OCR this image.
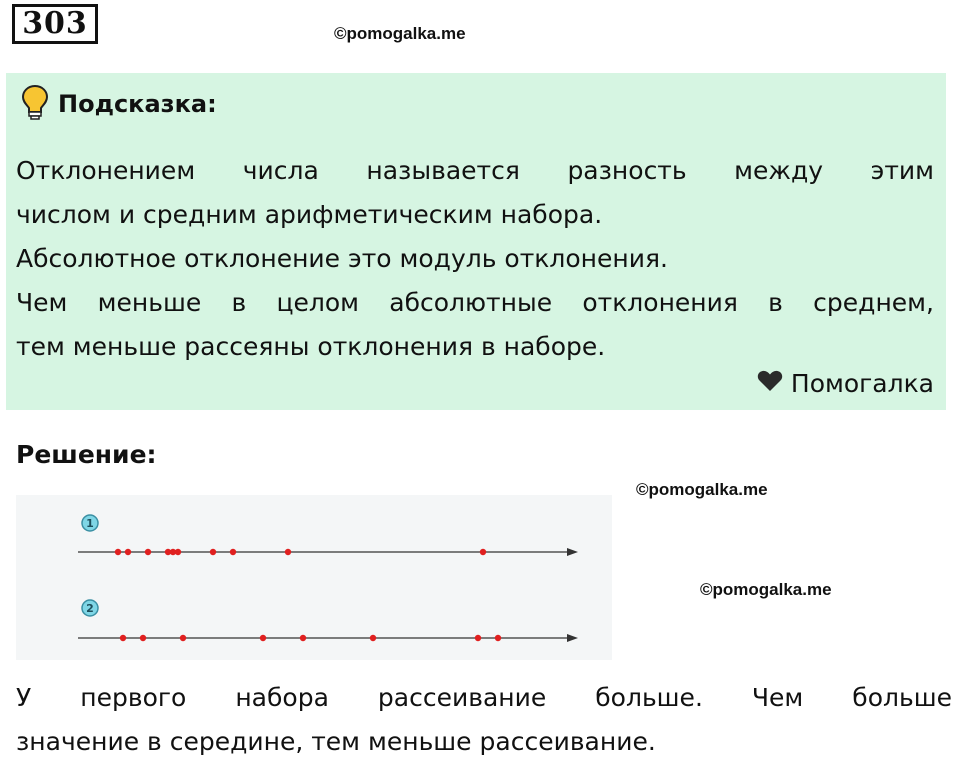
303	©pomogalka.me
Подсказка:

Отклонением числа называется разность между этим

числом и средним арифметическим набора.

Абсолютное отклонение это модуль отклонения.

Чем меньше в целом абсолютные отклонения в среднем,

тем меньше рассеяны отклонения в наборе.

Помогалка
Решение:
1
2
©pomogalka.me
©pomogalka.me

У первого набора рассеивание больше. Чем больше

значение в середине, тем меньше рассеивание.
